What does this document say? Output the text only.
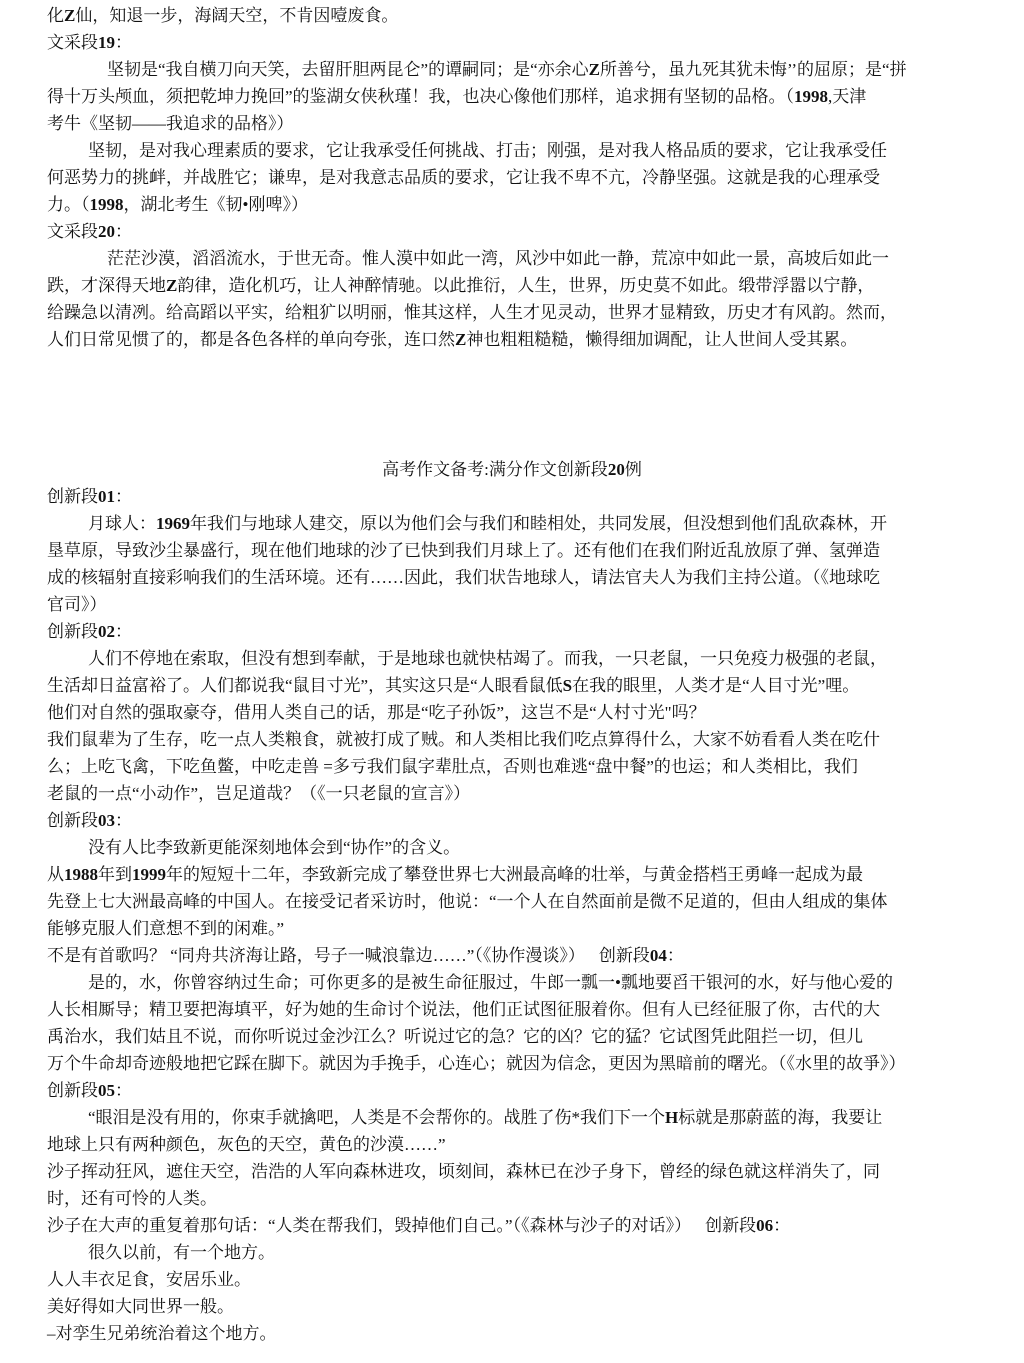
化Z仙，知退一步，海阔天空，不肯因噎废食。
文采段19：
坚韧是“我自横刀向天笑，去留肝胆两昆仑”的谭嗣同；是“亦余心Z所善兮，虽九死其犹未悔’’的屈原；是“拼
得十万头颅血，须把乾坤力挽回”的鉴湖女侠秋瑾！我，也决心像他们那样，追求拥有坚韧的品格。（1998,天津
考牛《坚韧——我追求的品格》）
坚韧，是对我心理素质的要求，它让我承受任何挑战、打击；刚强，是对我人格品质的要求，它让我承受任
何恶势力的挑衅，并战胜它；谦卑，是对我意志品质的要求，它让我不卑不亢，冷静坚强。这就是我的心理承受
力。（1998，湖北考生《韧•刚啤》）
文采段20：
茫茫沙漠，滔滔流水，于世无奇。惟人漠中如此一湾，风沙中如此一静，荒凉中如此一景，高坡后如此一
跌，才深得天地Z韵律，造化机巧，让人神醉情驰。以此推衍，人生，世界，历史莫不如此。缎带浮嚣以宁静，
给躁急以清冽。给高蹈以平实，给粗犷以明丽，惟其这样，人生才见灵动，世界才显精致，历史才有风韵。然而，
人们日常见惯了的，都是各色各样的单向夸张，连口然Z神也粗粗糙糙，懒得细加调配，让人世间人受其累。
高考作文备考:满分作文创新段20例
创新段01：
月球人：1969年我们与地球人建交，原以为他们会与我们和睦相处，共同发展，但没想到他们乱砍森林，开
垦草原，导致沙尘暴盛行，现在他们地球的沙了已快到我们月球上了。还有他们在我们附近乱放原了弹、氢弹造
成的核辐射直接彩响我们的生活环境。还有……因此，我们状告地球人，请法官夫人为我们主持公道。（《地球吃
官司》）
创新段02：
人们不停地在索取，但没有想到奉献，于是地球也就快枯竭了。而我，一只老鼠，一只免疫力极强的老鼠，
生活却日益富裕了。人们都说我“鼠目寸光”，其实这只是“人眼看鼠低S在我的眼里，人类才是“人目寸光”哩。
他们对自然的强取豪夺，借用人类自己的话，那是“吃子孙饭”，这岂不是“人村寸光"吗？
我们鼠辈为了生存，吃一点人类粮食，就被打成了贼。和人类相比我们吃点算得什么，大家不妨看看人类在吃什
么；上吃飞禽，下吃鱼鳖，中吃走兽 =多亏我们鼠字辈肚点，否则也难逃“盘中餐”的也运；和人类相比，我们
老鼠的一点“小动作”，岂足道哉？（《一只老鼠的宣言》）
创新段03：
没有人比李致新更能深刻地体会到“协作”的含义。
从1988年到1999年的短短十二年，李致新完成了攀登世界七大洲最高峰的壮举，与黄金搭档王勇峰一起成为最
先登上七大洲最高峰的中国人。在接受记者采访时，他说：“一个人在自然面前是微不足道的，但由人组成的集体
能够克服人们意想不到的闲难。”
不是有首歌吗？ “同舟共济海让路，号子一喊浪靠边……”（《协作漫谈》） 创新段04：
是的，水，你曾容纳过生命；可你更多的是被生命征服过，牛郎一瓢一•瓢地要舀干银河的水，好与他心爱的
人长相厮导；精卫要把海填平，好为她的生命讨个说法，他们正试图征服着你。但有人已经征服了你，古代的大
禹治水，我们姑且不说，而你听说过金沙江么？听说过它的急？它的凶？它的猛？它试图凭此阻拦一切，但儿
万个牛命却奇迹般地把它踩在脚下。就因为手挽手，心连心；就因为信念，更因为黑暗前的曙光。（《水里的故爭》）
创新段05：
“眼泪是没有用的，你束手就擒吧，人类是不会帮你的。战胜了伤*我们下一个H标就是那蔚蓝的海，我要让
地球上只有两种颜色，灰色的天空，黄色的沙漠……”
沙子挥动狂风，遮住天空，浩浩的人军向森林进攻，顷刻间，森林已在沙子身下，曾经的绿色就这样消失了，同
时，还有可怜的人类。
沙子在大声的重复着那句话：“人类在帮我们，毁掉他们自己。”（《森林与沙子的对话》） 创新段06：
很久以前，有一个地方。
人人丰衣足食，安居乐业。
美好得如大同世界一般。
–对孪生兄弟统治着这个地方。
